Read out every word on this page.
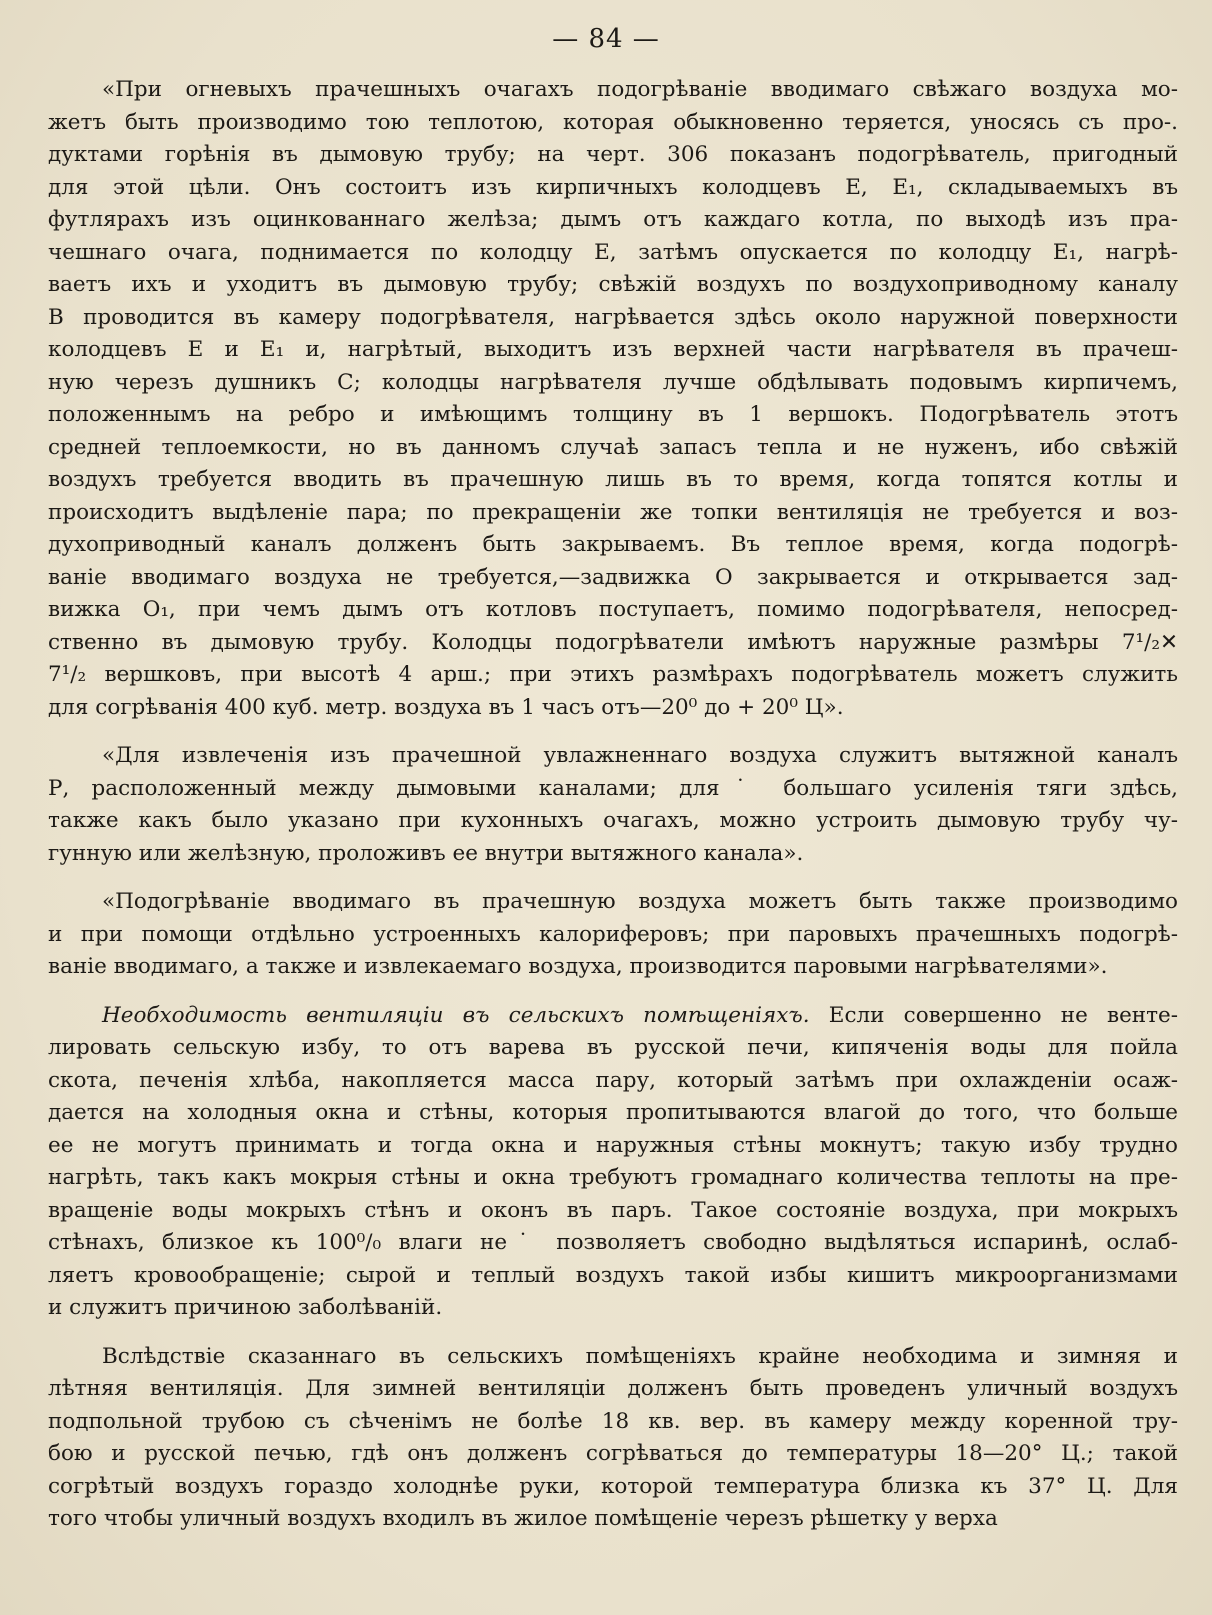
— 84 —

«При огневыхъ прачешныхъ очагахъ подогрѣваніе вводимаго свѣжаго воздуха мо-
жетъ быть производимо тою теплотою, которая обыкновенно теряется, уносясь съ про-.
дуктами горѣнія въ дымовую трубу; на черт. 306 показанъ подогрѣватель, пригодный
для этой цѣли. Онъ состоитъ изъ кирпичныхъ колодцевъ Е, Е₁, складываемыхъ въ
футлярахъ изъ оцинкованнаго желѣза; дымъ отъ каждаго котла, по выходѣ изъ пра-
чешнаго очага, поднимается по колодцу Е, затѣмъ опускается по колодцу Е₁, нагрѣ-
ваетъ ихъ и уходитъ въ дымовую трубу; свѣжій воздухъ по воздухоприводному каналу
В проводится въ камеру подогрѣвателя, нагрѣвается здѣсь около наружной поверхности
колодцевъ Е и Е₁ и, нагрѣтый, выходитъ изъ верхней части нагрѣвателя въ прачеш-
ную черезъ душникъ С; колодцы нагрѣвателя лучше обдѣлывать подовымъ кирпичемъ,
положеннымъ на ребро и имѣющимъ толщину въ 1 вершокъ. Подогрѣватель этотъ
средней теплоемкости, но въ данномъ случаѣ запасъ тепла и не нуженъ, ибо свѣжій
воздухъ требуется вводить въ прачешную лишь въ то время, когда топятся котлы и
происходитъ выдѣленіе пара; по прекращеніи же топки вентиляція не требуется и воз-
духоприводный каналъ долженъ быть закрываемъ. Въ теплое время, когда подогрѣ-
ваніе вводимаго воздуха не требуется,—задвижка О закрывается и открывается зад-
вижка О₁, при чемъ дымъ отъ котловъ поступаетъ, помимо подогрѣвателя, непосред-
ственно въ дымовую трубу. Колодцы подогрѣватели имѣютъ наружные размѣры 7¹/₂✕
7¹/₂ вершковъ, при высотѣ 4 арш.; при этихъ размѣрахъ подогрѣватель можетъ служить
для согрѣванія 400 куб. метр. воздуха въ 1 часъ отъ—20⁰ до + 20⁰ Ц».
«Для извлеченія изъ прачешной увлажненнаго воздуха служитъ вытяжной каналъ
Р, расположенный между дымовыми каналами; для˙ большаго усиленія тяги здѣсь,
также какъ было указано при кухонныхъ очагахъ, можно устроить дымовую трубу чу-
гунную или желѣзную, проложивъ ее внутри вытяжного канала».
«Подогрѣваніе вводимаго въ прачешную воздуха можетъ быть также производимо
и при помощи отдѣльно устроенныхъ калориферовъ; при паровыхъ прачешныхъ подогрѣ-
ваніе вводимаго, а также и извлекаемаго воздуха, производится паровыми нагрѣвателями».
Необходимость вентиляціи въ сельскихъ помѣщеніяхъ. Если совершенно не венте-
лировать сельскую избу, то отъ варева въ русской печи, кипяченія воды для пойла
скота, печенія хлѣба, накопляется масса пару, который затѣмъ при охлажденіи осаж-
дается на холодныя окна и стѣны, которыя пропитываются влагой до того, что больше
ее не могутъ принимать и тогда окна и наружныя стѣны мокнутъ; такую избу трудно
нагрѣть, такъ какъ мокрыя стѣны и окна требуютъ громаднаго количества теплоты на пре-
вращеніе воды мокрыхъ стѣнъ и оконъ въ паръ. Такое состояніе воздуха, при мокрыхъ
стѣнахъ, близкое къ 100⁰/₀ влаги не˙ позволяетъ свободно выдѣляться испаринѣ, ослаб-
ляетъ кровообращеніе; сырой и теплый воздухъ такой избы кишитъ микроорганизмами
и служитъ причиною заболѣваній.
Вслѣдствіе сказаннаго въ сельскихъ помѣщеніяхъ крайне необходима и зимняя и
лѣтняя вентиляція. Для зимней вентиляціи долженъ быть проведенъ уличный воздухъ
подпольной трубою съ сѣченімъ не болѣе 18 кв. вер. въ камеру между коренной тру-
бою и русской печью, гдѣ онъ долженъ согрѣваться до температуры 18—20° Ц.; такой
согрѣтый воздухъ гораздо холоднѣе руки, которой температура близка къ 37° Ц. Для
того чтобы уличный воздухъ входилъ въ жилое помѣщеніе черезъ рѣшетку у верха
